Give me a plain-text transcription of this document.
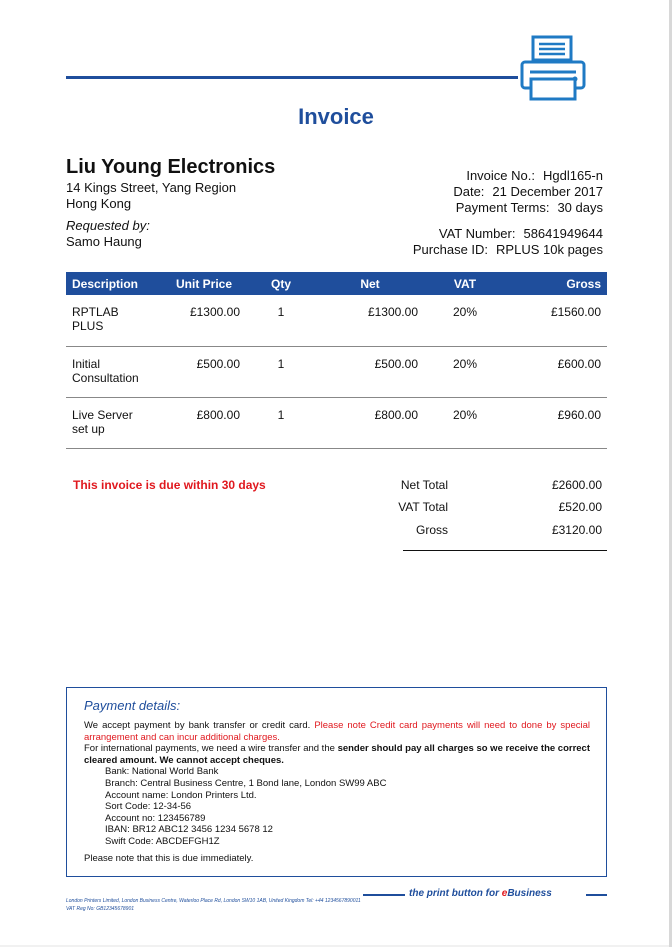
Invoice
Liu Young Electronics
14 Kings Street, Yang Region
Hong Kong
Requested by:
Samo Haung
Invoice No.: Hgdl165-n
Date: 21 December 2017
Payment Terms: 30 days
VAT Number: 58641949644
Purchase ID: RPLUS 10k pages
Description	Unit Price	Qty	Net	VAT	Gross
RPTLAB
PLUS	£1300.00	1	£1300.00	20%	£1560.00
Initial
Consultation	£500.00	1	£500.00	20%	£600.00
Live Server
set up	£800.00	1	£800.00	20%	£960.00
This invoice is due within 30 days	Net Total	£2600.00
VAT Total	£520.00
Gross	£3120.00
Payment details:
We accept payment by bank transfer or credit card. Please note Credit card payments will need to done by special arrangement and can incur additional charges.
For international payments, we need a wire transfer and the sender should pay all charges so we receive the correct cleared amount. We cannot accept cheques.
Bank: National World Bank
Branch: Central Business Centre, 1 Bond lane, London SW99 ABC
Account name: London Printers Ltd.
Sort Code: 12-34-56
Account no: 123456789
IBAN: BR12 ABC12 3456 1234 5678 12
Swift Code: ABCDEFGH1Z
Please note that this is due immediately.
London Printers Limited, London Business Centre, Waterloo Place Rd, London SW10 1AB, United Kingdom Tel: +44 1234567890011
VAT Reg No: GB12345678901
the print button for eBusiness
